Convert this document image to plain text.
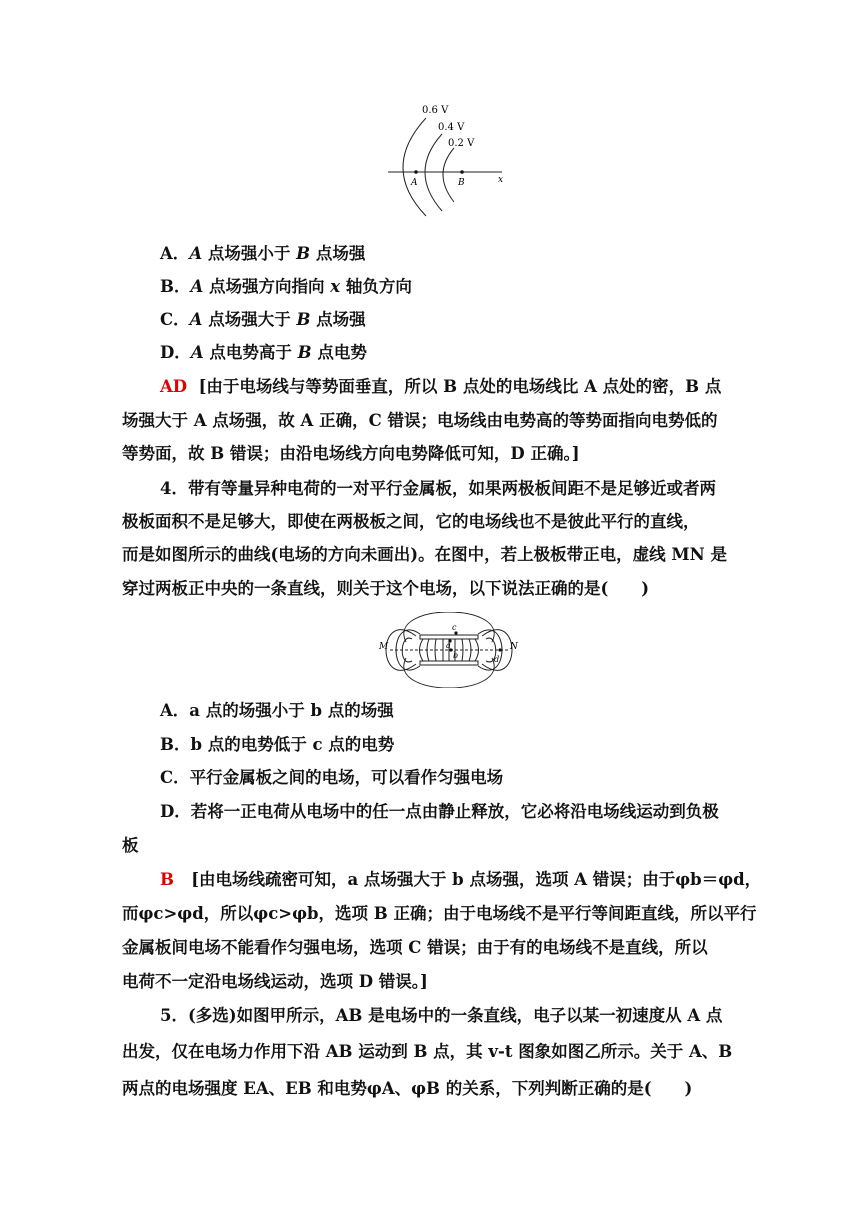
0.6 V
0.4 V
0.2 V
A	B	x
A．A 点场强小于 B 点场强
B．A 点场强方向指向 x 轴负方向
C．A 点场强大于 B 点场强
D．A 点电势高于 B 点电势
AD [由于电场线与等势面垂直，所以 B 点处的电场线比 A 点处的密，B 点
场强大于 A 点场强，故 A 正确，C 错误；电场线由电势高的等势面指向电势低的
等势面，故 B 错误；由沿电场线方向电势降低可知，D 正确。]
4．带有等量异种电荷的一对平行金属板，如果两极板间距不是足够近或者两
极板面积不是足够大，即使在两极板之间，它的电场线也不是彼此平行的直线，
而是如图所示的曲线(电场的方向未画出)。在图中，若上极板带正电，虚线 MN 是
穿过两板正中央的一条直线，则关于这个电场，以下说法正确的是(　　)
M	N
c
a
b	d
A．a 点的场强小于 b 点的场强
B．b 点的电势低于 c 点的电势
C．平行金属板之间的电场，可以看作匀强电场
D．若将一正电荷从电场中的任一点由静止释放，它必将沿电场线运动到负极
板
B [由电场线疏密可知，a 点场强大于 b 点场强，选项 A 错误；由于φb＝φd，
而φc>φd，所以φc>φb，选项 B 正确；由于电场线不是平行等间距直线，所以平行
金属板间电场不能看作匀强电场，选项 C 错误；由于有的电场线不是直线，所以
电荷不一定沿电场线运动，选项 D 错误。]
5．(多选)如图甲所示，AB 是电场中的一条直线，电子以某一初速度从 A 点
出发，仅在电场力作用下沿 AB 运动到 B 点，其 v-t 图象如图乙所示。关于 A、B
两点的电场强度 EA、EB 和电势φA、φB 的关系，下列判断正确的是(　　)
